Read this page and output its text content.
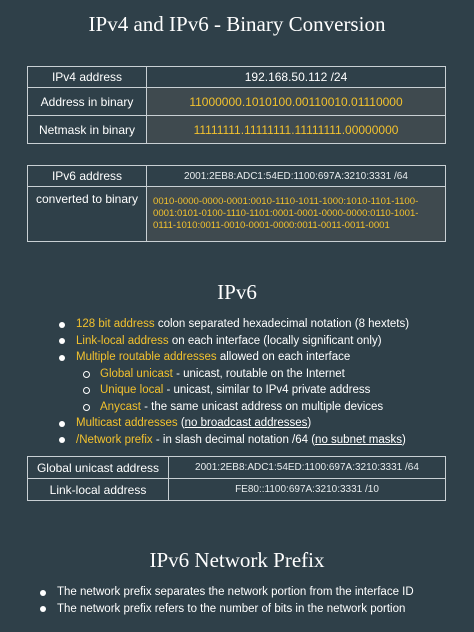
IPv4 and IPv6 - Binary Conversion
IPv4 address	192.168.50.112 /24
Address in binary	11000000.1010100.00110010.01110000
Netmask in binary	11111111.11111111.11111111.00000000
IPv6 address	2001:2EB8:ADC1:54ED:1100:697A:3210:3331 /64
converted to binary	0010-0000-0000-0001:0010-1110-1011-1000:1010-1101-1100-0001:0101-0100-1110-1101:0001-0001-0000-0000:0110-1001-0111-1010:0011-0010-0001-0000:0011-0011-0011-0001
IPv6
128 bit address colon separated hexadecimal notation (8 hextets)
Link-local address on each interface (locally significant only)
Multiple routable addresses allowed on each interface
Global unicast - unicast, routable on the Internet
Unique local - unicast, similar to IPv4 private address
Anycast - the same unicast address on multiple devices
Multicast addresses (no broadcast addresses)
/Network prefix - in slash decimal notation /64 (no subnet masks)
Global unicast address	2001:2EB8:ADC1:54ED:1100:697A:3210:3331 /64
Link-local address	FE80::1100:697A:3210:3331 /10
IPv6 Network Prefix
The network prefix separates the network portion from the interface ID
The network prefix refers to the number of bits in the network portion
